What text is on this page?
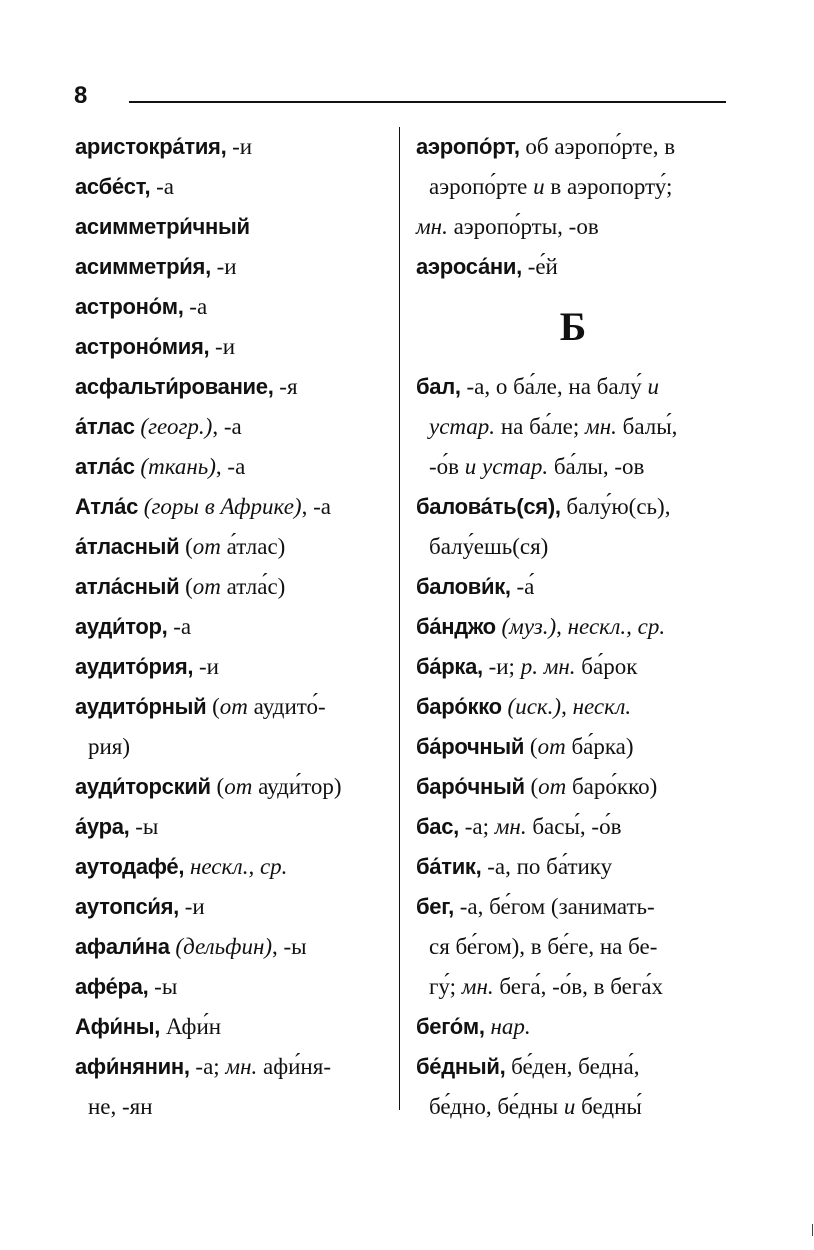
8
аристокра́тия, -и
асбе́ст, -а
асимметри́чный
асимметри́я, -и
астроно́м, -а
астроно́мия, -и
асфальти́рование, -я
а́тлас (геогр.), -а
атла́с (ткань), -а
Атла́с (горы в Африке), -а
а́тласный (от а́тлас)
атла́сный (от атла́с)
ауди́тор, -а
аудито́рия, -и
аудито́рный (от аудито́-
рия)
ауди́торский (от ауди́тор)
а́ура, -ы
аутодафе́, нескл., ср.
аутопси́я, -и
афали́на (дельфин), -ы
афе́ра, -ы
Афи́ны, Афи́н
афи́нянин, -а; мн. афи́ня-
не, -ян
аэропо́рт, об аэропо́рте, в
аэропо́рте и в аэропорту́;
мн. аэропо́рты, -ов
аэроса́ни, -е́й
Б
бал, -а, о ба́ле, на балу́ и
устар. на ба́ле; мн. балы́,
-о́в и устар. ба́лы, -ов
балова́ть(ся), балу́ю(сь),
балу́ешь(ся)
балови́к, -а́
ба́нджо (муз.), нескл., ср.
ба́рка, -и; р. мн. ба́рок
баро́кко (иск.), нескл.
ба́рочный (от ба́рка)
баро́чный (от баро́кко)
бас, -а; мн. басы́, -о́в
ба́тик, -а, по ба́тику
бег, -а, бе́гом (занимать-
ся бе́гом), в бе́ге, на бе-
гу́; мн. бега́, -о́в, в бега́х
бего́м, нар.
бе́дный, бе́ден, бедна́,
бе́дно, бе́дны и бедны́
